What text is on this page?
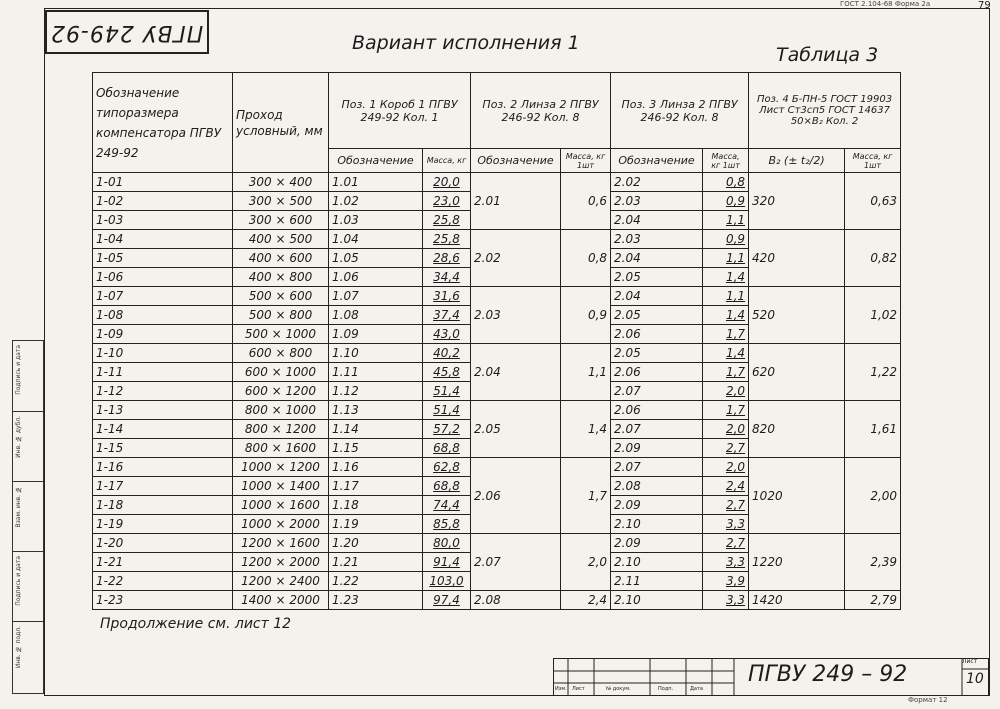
ПГВУ 249-92
ГОСТ 2.104-68 Форма 2а	79
Вариант исполнения 1
Таблица 3
Подпись и дата
Инв. № дубл.
Взам. инв. №
Подпись и дата
Инв. № подл.
Обозначение типоразмера компенсатора ПГВУ 249-92	Проход условный, мм	Поз. 1 Короб 1 ПГВУ 249-92 Кол. 1		Поз. 2 Линза 2 ПГВУ 246-92 Кол. 8		Поз. 3 Линза 2 ПГВУ 246-92 Кол. 8		Поз. 4 Б-ПН-5 ГОСТ 19903 Лист Ст3сп5 ГОСТ 14637 50×B₂ Кол. 2	
		Обозначение	Масса, кг	Обозначение	Масса, кг 1шт	Обозначение	Масса, кг 1шт	B₂ (± t₂/2)	Масса, кг 1шт
1-01	300 × 400	1.01	20,0	2.01	0,6	2.02	0,8	320	0,63
1-02	300 × 500	1.02	23,0			2.03	0,9		
1-03	300 × 600	1.03	25,8			2.04	1,1		
1-04	400 × 500	1.04	25,8	2.02	0,8	2.03	0,9	420	0,82
1-05	400 × 600	1.05	28,6			2.04	1,1		
1-06	400 × 800	1.06	34,4			2.05	1,4		
1-07	500 × 600	1.07	31,6	2.03	0,9	2.04	1,1	520	1,02
1-08	500 × 800	1.08	37,4			2.05	1,4		
1-09	500 × 1000	1.09	43,0			2.06	1,7		
1-10	600 × 800	1.10	40,2	2.04	1,1	2.05	1,4	620	1,22
1-11	600 × 1000	1.11	45,8			2.06	1,7		
1-12	600 × 1200	1.12	51,4			2.07	2,0		
1-13	800 × 1000	1.13	51,4	2.05	1,4	2.06	1,7	820	1,61
1-14	800 × 1200	1.14	57,2			2.07	2,0		
1-15	800 × 1600	1.15	68,8			2.09	2,7		
1-16	1000 × 1200	1.16	62,8	2.06	1,7	2.07	2,0	1020	2,00
1-17	1000 × 1400	1.17	68,8			2.08	2,4		
1-18	1000 × 1600	1.18	74,4			2.09	2,7		
1-19	1000 × 2000	1.19	85,8			2.10	3,3		
1-20	1200 × 1600	1.20	80,0	2.07	2,0	2.09	2,7	1220	2,39
1-21	1200 × 2000	1.21	91,4			2.10	3,3		
1-22	1200 × 2400	1.22	103,0			2.11	3,9		
1-23	1400 × 2000	1.23	97,4	2.08	2,4	2.10	3,3	1420	2,79
Продолжение см. лист 12
Изм. Лист	№ докум.	Подп.	Дата
ПГВУ 249 – 92
Лист
10
Формат 12
